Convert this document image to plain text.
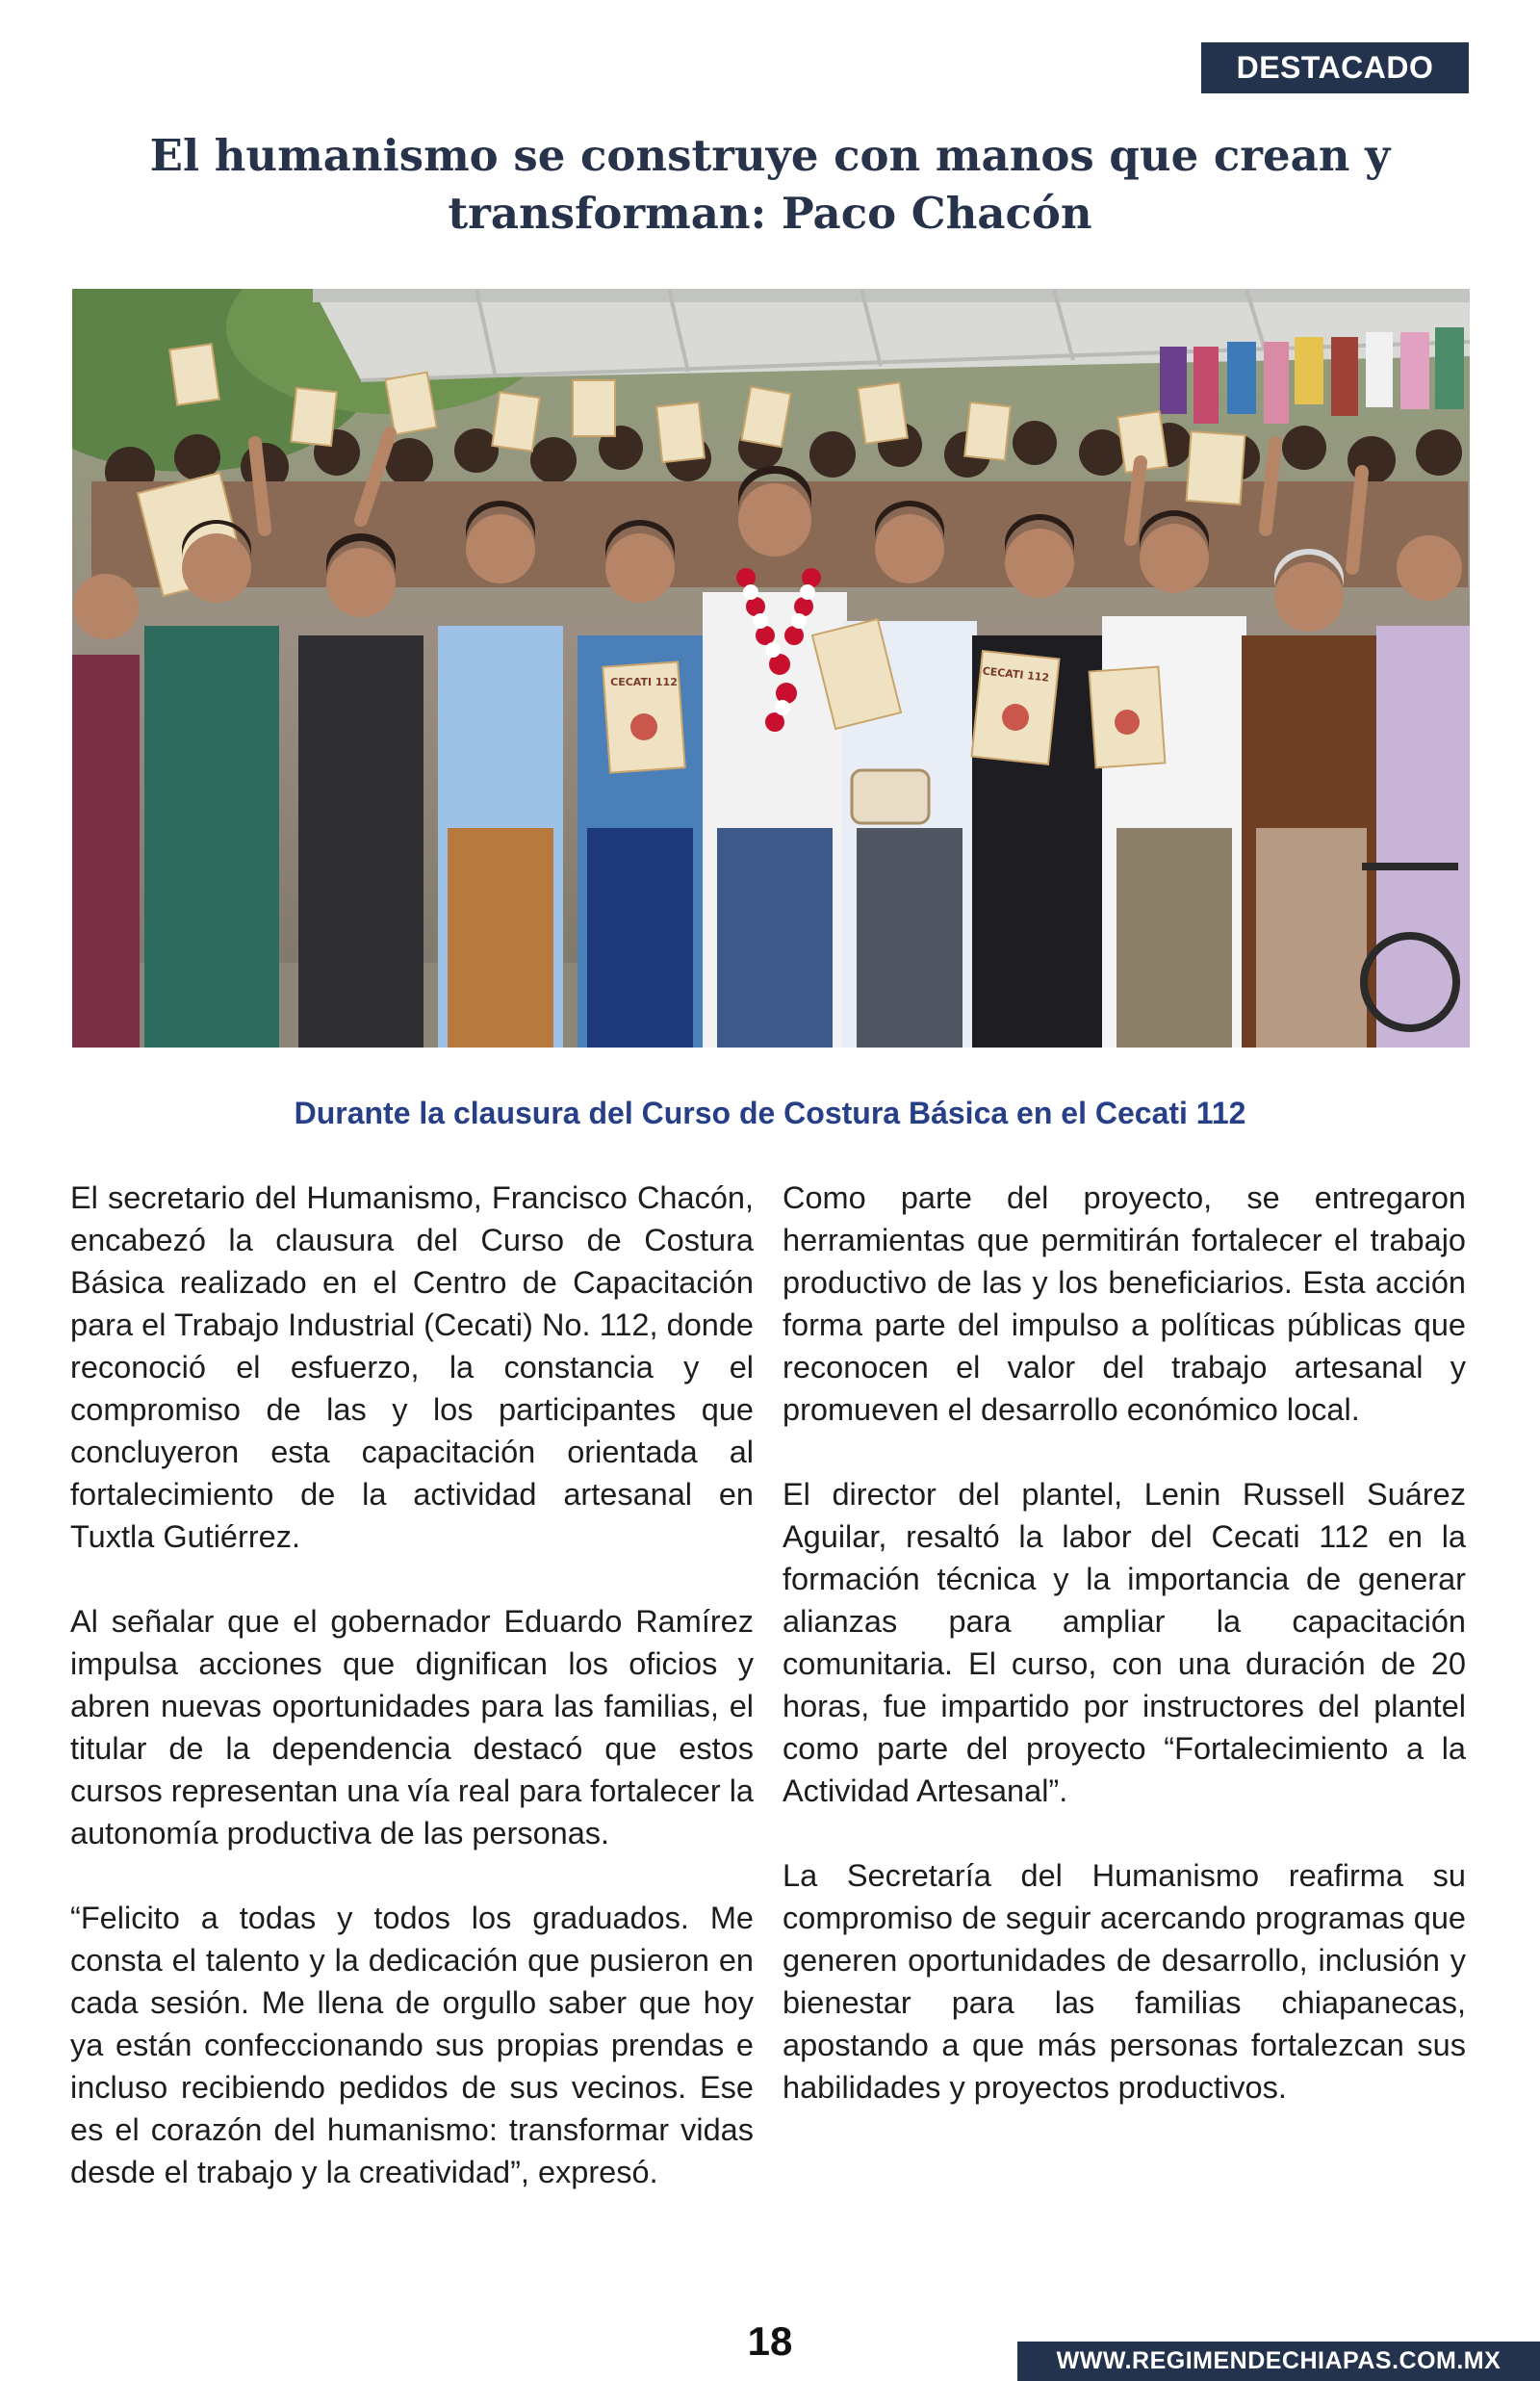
DESTACADO
El humanismo se construye con manos que crean y transforman: Paco Chacón
CECATI 112	CECATI 112
Durante la clausura del Curso de Costura Básica en el Cecati 112

El secretario del Humanismo, Francisco Chacón, encabezó la clausura del Curso de Costura Básica realizado en el Centro de Capacitación para el Trabajo Industrial (Cecati) No. 112, donde reconoció el esfuerzo, la constancia y el compromiso de las y los participantes que concluyeron esta capacitación orientada al fortalecimiento de la actividad artesanal en Tuxtla Gutiérrez.

Al señalar que el gobernador Eduardo Ramírez impulsa acciones que dignifican los oficios y abren nuevas oportunidades para las familias, el titular de la dependencia destacó que estos cursos representan una vía real para fortalecer la autonomía productiva de las personas.

“Felicito a todas y todos los graduados. Me consta el talento y la dedicación que pusieron en cada sesión. Me llena de orgullo saber que hoy ya están confeccionando sus propias prendas e incluso recibiendo pedidos de sus vecinos. Ese es el corazón del humanismo: transformar vidas desde el trabajo y la creatividad”, expresó.

Como parte del proyecto, se entregaron herramientas que permitirán fortalecer el trabajo productivo de las y los beneficiarios. Esta acción forma parte del impulso a políticas públicas que reconocen el valor del trabajo artesanal y promueven el desarrollo económico local.

El director del plantel, Lenin Russell Suárez Aguilar, resaltó la labor del Cecati 112 en la formación técnica y la importancia de generar alianzas para ampliar la capacitación comunitaria. El curso, con una duración de 20 horas, fue impartido por instructores del plantel como parte del proyecto “Fortalecimiento a la Actividad Artesanal”.

La Secretaría del Humanismo reafirma su compromiso de seguir acercando programas que generen oportunidades de desarrollo, inclusión y bienestar para las familias chiapanecas, apostando a que más personas fortalezcan sus habilidades y proyectos productivos.

18	WWW.REGIMENDECHIAPAS.COM.MX
